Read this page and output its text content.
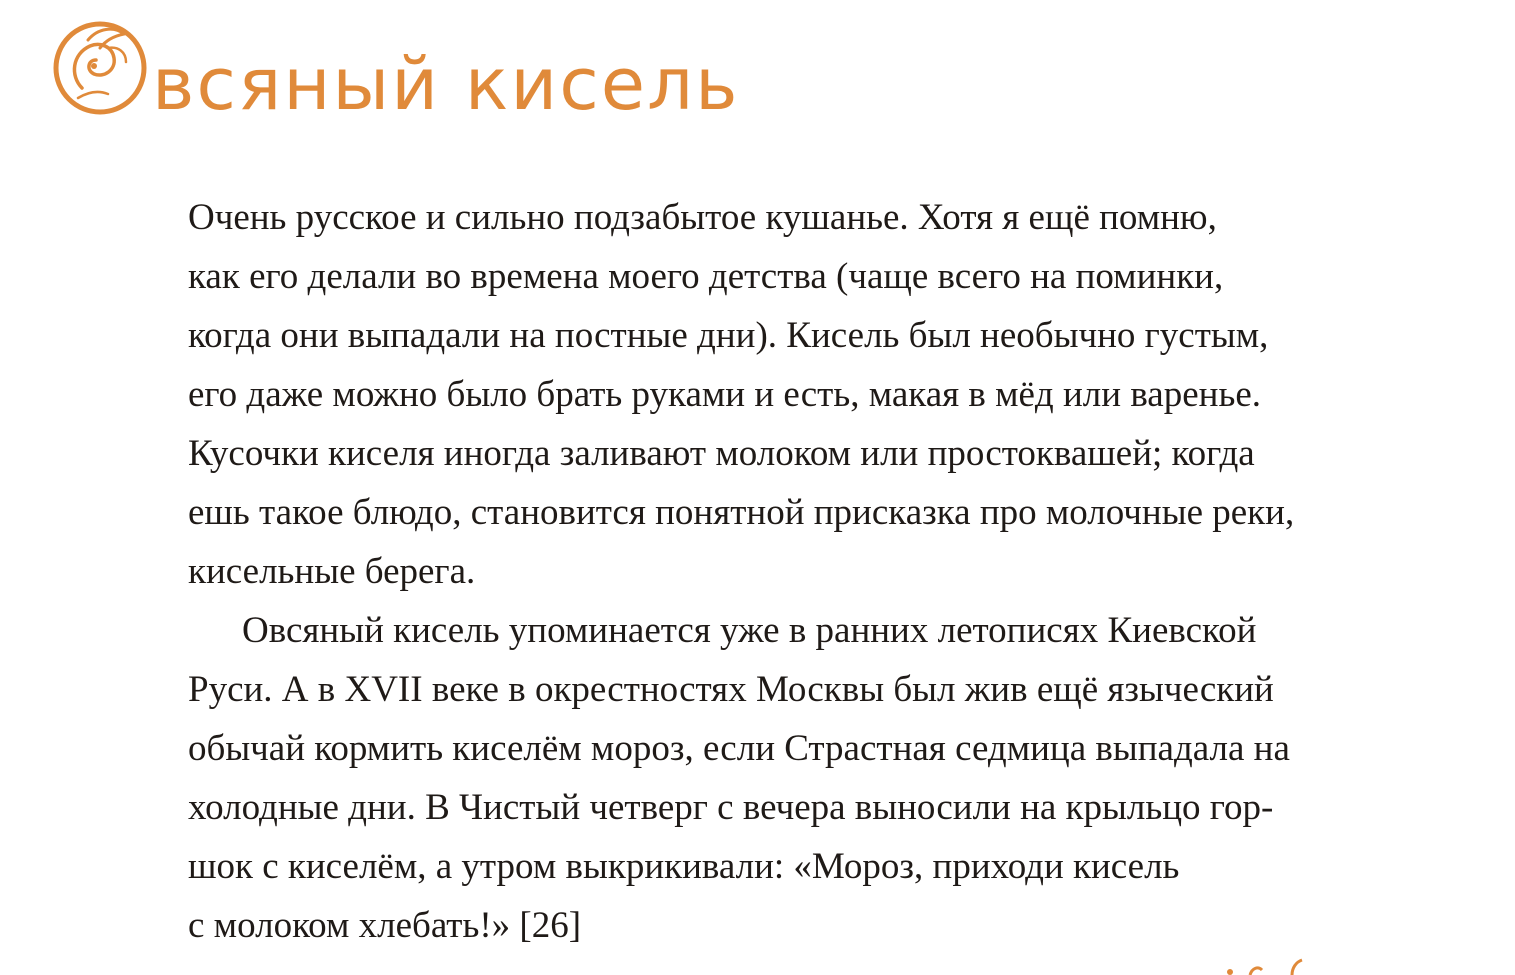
всяный кисель
Очень русское и сильно подзабытое кушанье. Хотя я ещё помню,
как его делали во времена моего детства (чаще всего на поминки,
когда они выпадали на постные дни). Кисель был необычно густым,
его даже можно было брать руками и есть, макая в мёд или варенье.
Кусочки киселя иногда заливают молоком или простоквашей; когда
ешь такое блюдо, становится понятной присказка про молочные реки,
кисельные берега.
Овсяный кисель упоминается уже в ранних летописях Киевской
Руси. А в XVII веке в окрестностях Москвы был жив ещё языческий
обычай кормить киселём мороз, если Страстная седмица выпадала на
холодные дни. В Чистый четверг с вечера выносили на крыльцо гор-
шок с киселём, а утром выкрикивали: «Мороз, приходи кисель
с молоком хлебать!» [26]
